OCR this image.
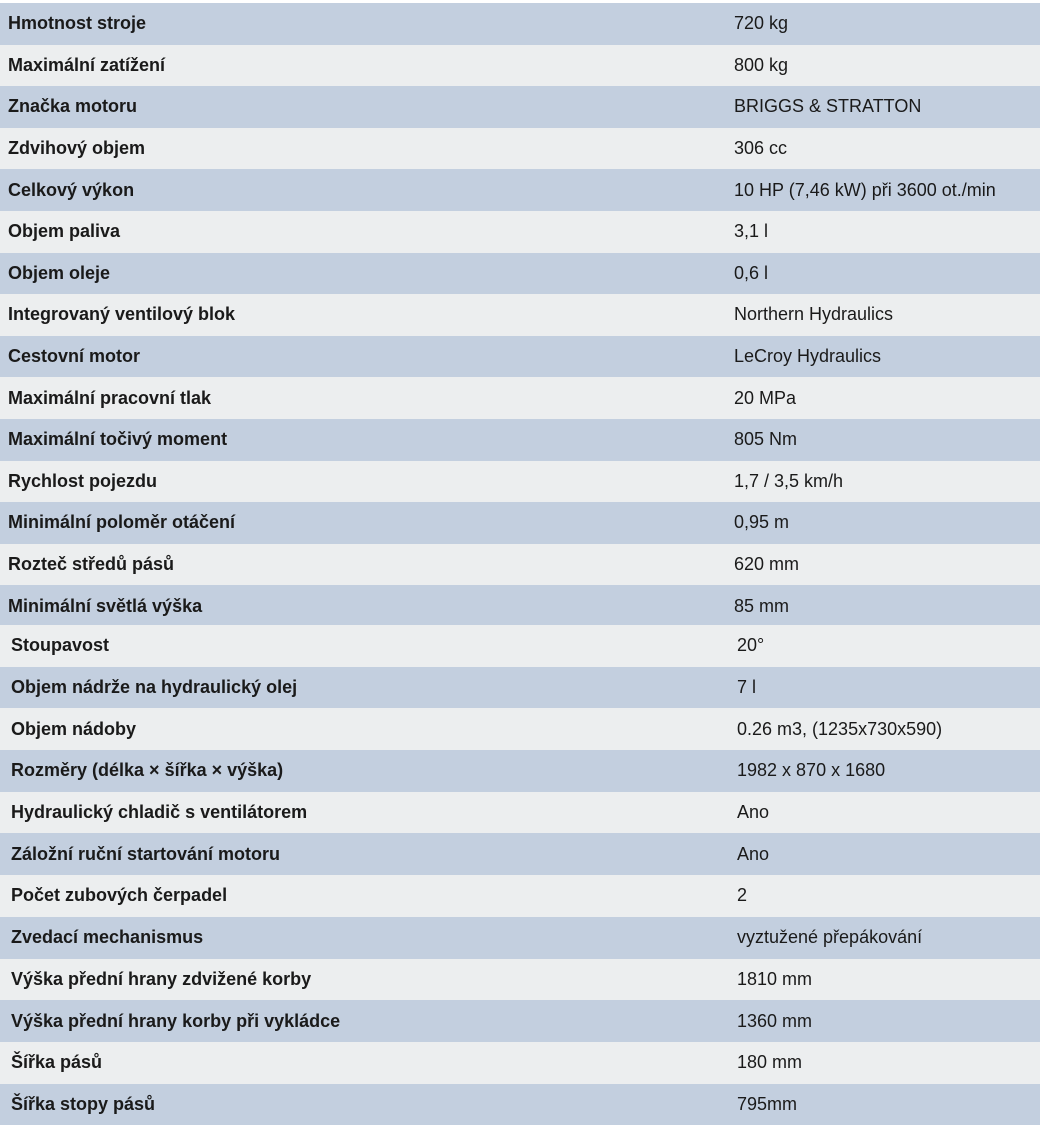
Hmotnost stroje	720 kg
Maximální zatížení	800 kg
Značka motoru	BRIGGS & STRATTON
Zdvihový objem	306 cc
Celkový výkon	10 HP (7,46 kW) při 3600 ot./min
Objem paliva	3,1 l
Objem oleje	0,6 l
Integrovaný ventilový blok	Northern Hydraulics
Cestovní motor	LeCroy Hydraulics
Maximální pracovní tlak	20 MPa
Maximální točivý moment	805 Nm
Rychlost pojezdu	1,7 / 3,5 km/h
Minimální poloměr otáčení	0,95 m
Rozteč středů pásů	620 mm
Minimální světlá výška	85 mm
Stoupavost	20°
Objem nádrže na hydraulický olej	7 l
Objem nádoby	0.26 m3, (1235x730x590)
Rozměry (délka × šířka × výška)	1982 x 870 x 1680
Hydraulický chladič s ventilátorem	Ano
Záložní ruční startování motoru	Ano
Počet zubových čerpadel	2
Zvedací mechanismus	vyztužené přepákování
Výška přední hrany zdvižené korby	1810 mm
Výška přední hrany korby při vykládce	1360 mm
Šířka pásů	180 mm
Šířka stopy pásů	795mm
